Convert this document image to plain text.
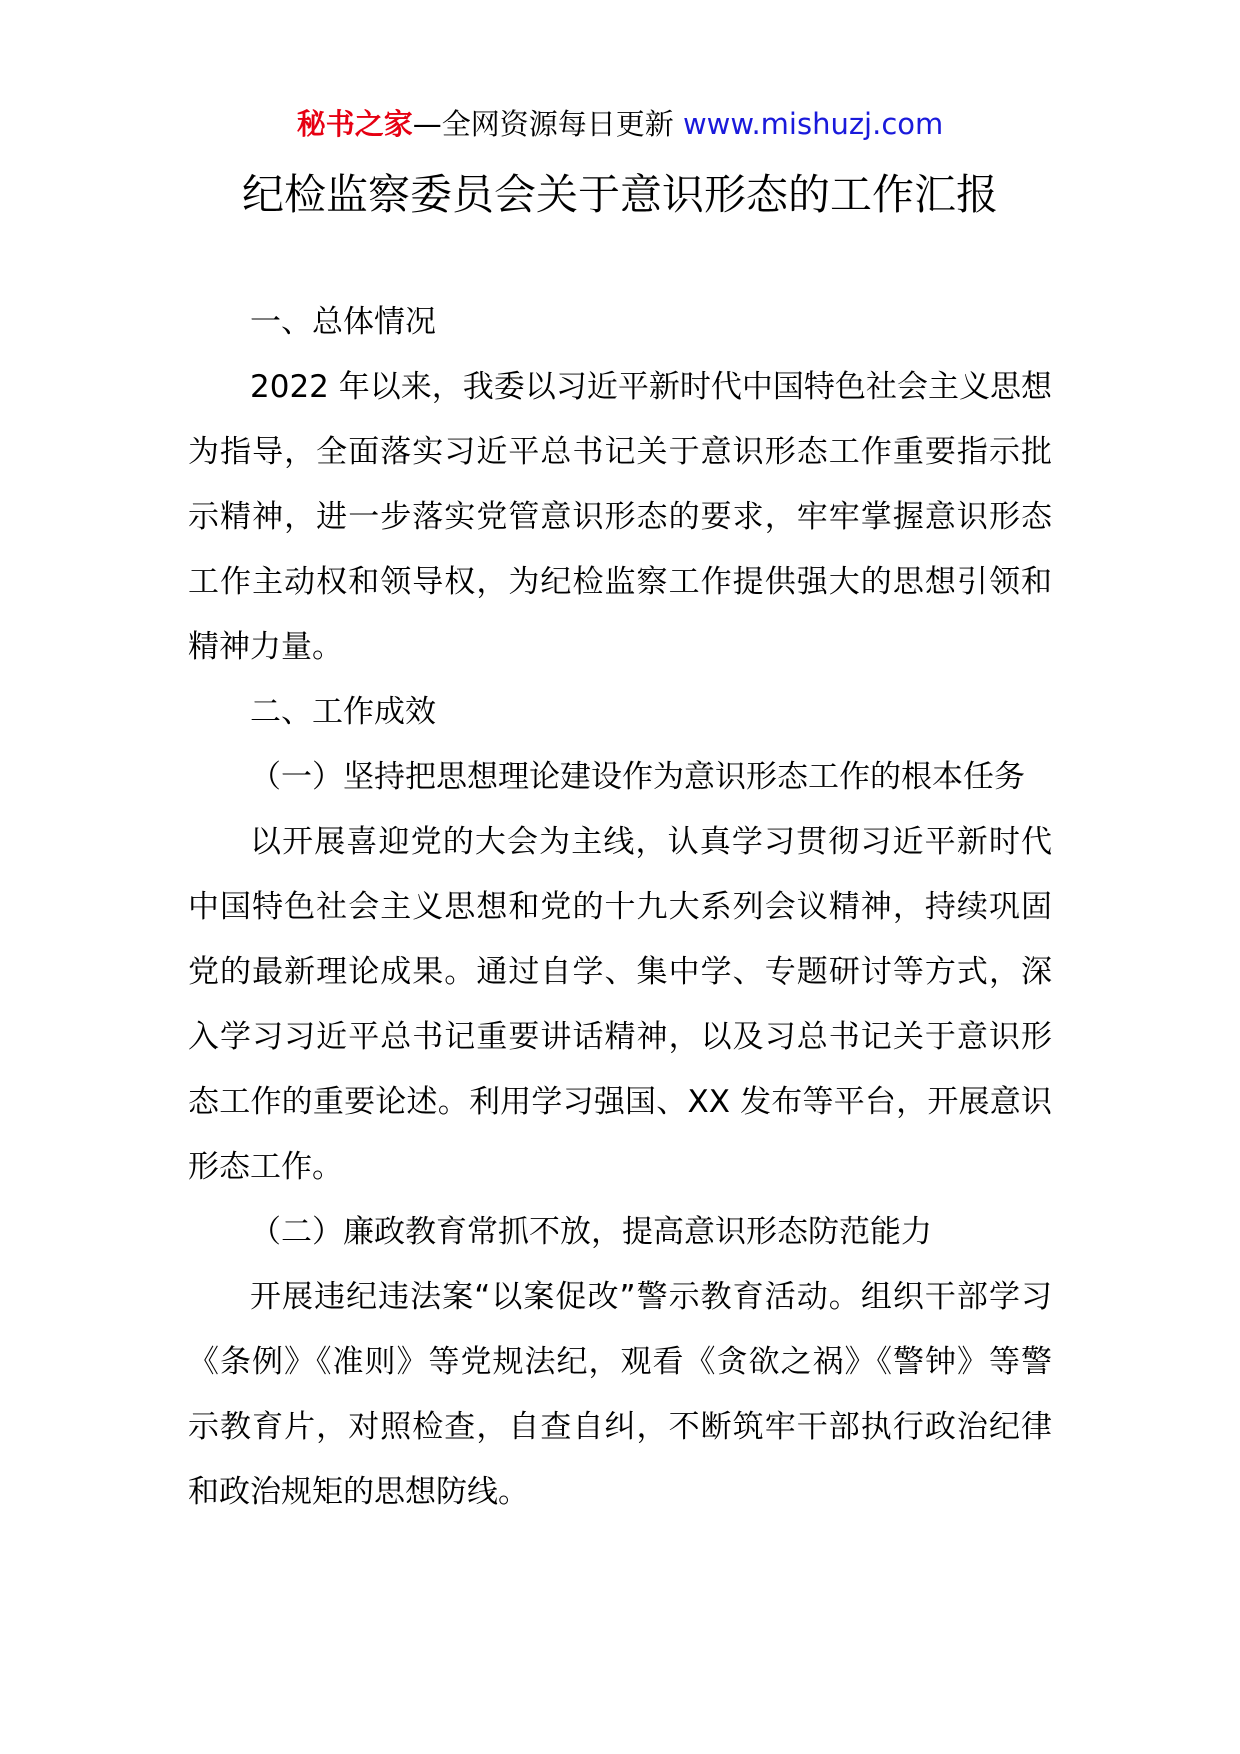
秘书之家—全网资源每日更新 www.mishuzj.com
纪检监察委员会关于意识形态的工作汇报

一、总体情况

2022 年以来，我委以习近平新时代中国特色社会主义思想为指导，全面落实习近平总书记关于意识形态工作重要指示批示精神，进一步落实党管意识形态的要求，牢牢掌握意识形态工作主动权和领导权，为纪检监察工作提供强大的思想引领和精神力量。

二、工作成效

（一）坚持把思想理论建设作为意识形态工作的根本任务

以开展喜迎党的大会为主线，认真学习贯彻习近平新时代中国特色社会主义思想和党的十九大系列会议精神，持续巩固党的最新理论成果。通过自学、集中学、专题研讨等方式，深入学习习近平总书记重要讲话精神，以及习总书记关于意识形态工作的重要论述。利用学习强国、XX 发布等平台，开展意识形态工作。

（二）廉政教育常抓不放，提高意识形态防范能力

开展违纪违法案“以案促改”警示教育活动。组织干部学习《条例》《准则》等党规法纪，观看《贪欲之祸》《警钟》等警示教育片，对照检查，自查自纠，不断筑牢干部执行政治纪律和政治规矩的思想防线。
